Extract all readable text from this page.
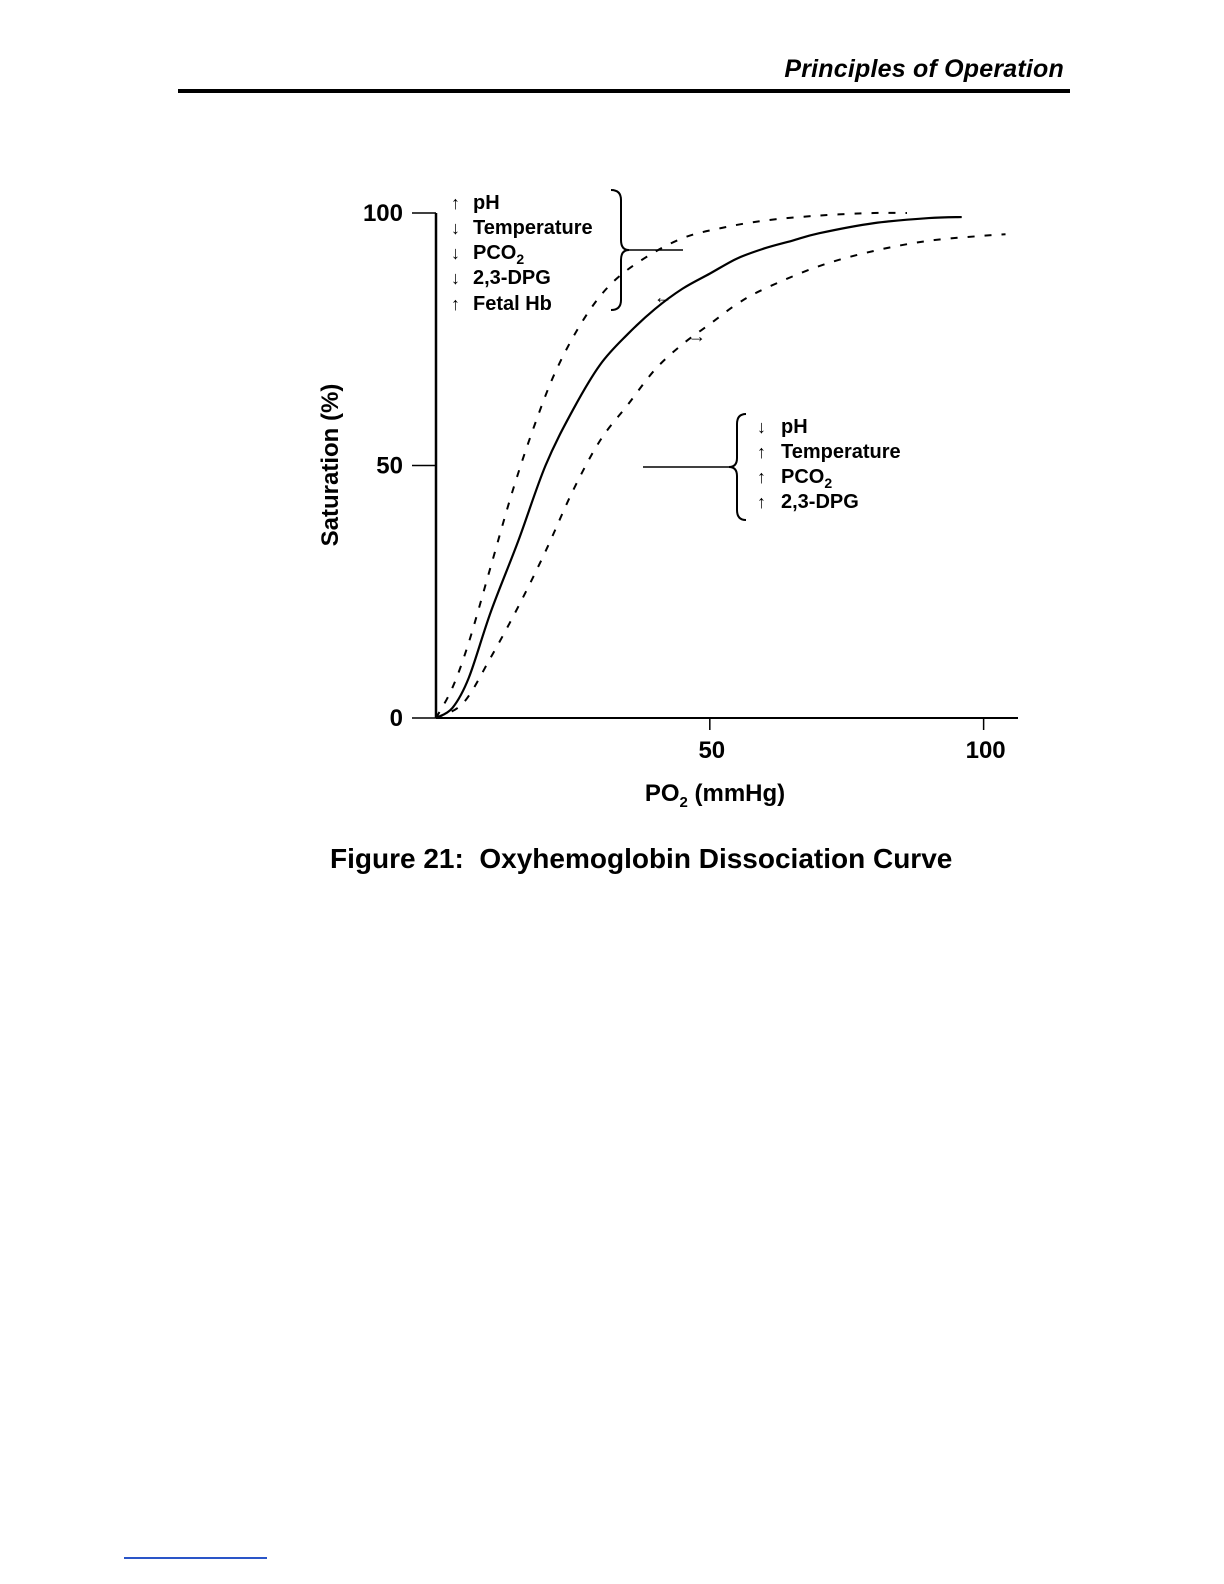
Principles of Operation
0
50
100
50	100
Saturation (%)
$PO_2$ (mmHg)
↑ pH
↓ Temperature
↓ $PCO_2$
↓ 2,3-DPG
↑ Fetal Hb	←
↓ pH
↑ Temperature
↑ $PCO_2$
↑ 2,3-DPG
→
Figure 21:  Oxyhemoglobin Dissociation Curve
